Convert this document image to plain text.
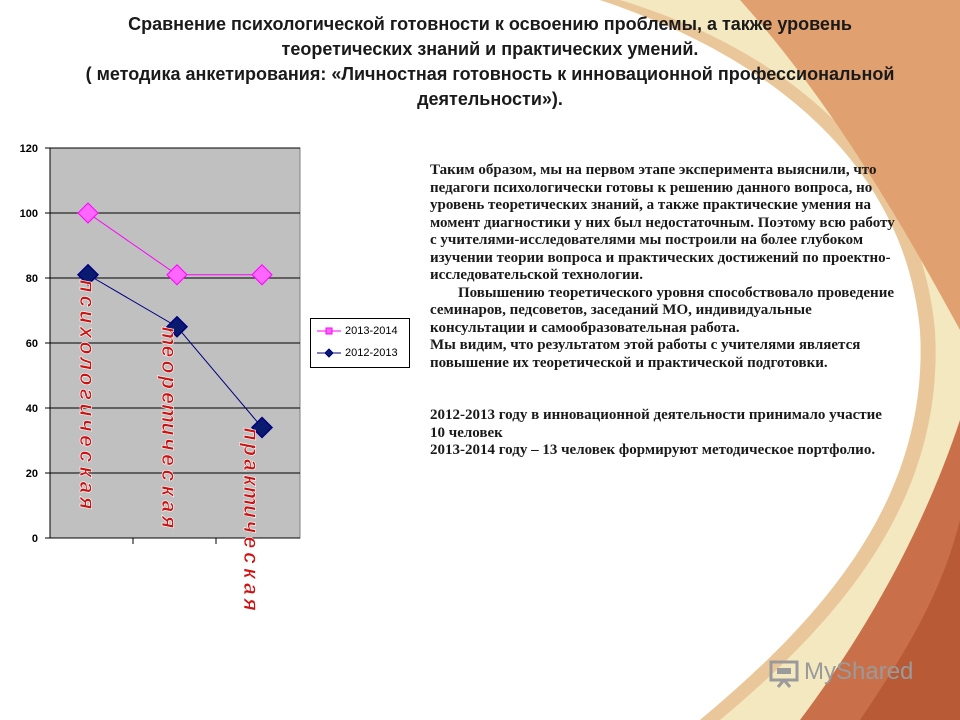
Сравнение психологической готовности к освоению проблемы, а также уровень
теоретических знаний и практических умений.
( методика анкетирования: «Личностная готовность к инновационной профессиональной
деятельности»).
0
20
40
60
80
100
120
п
с
и
х
о
л
о
г
и
ч
е
с
к
а
я
т
е
о
р
е
т
и
ч
е
с
к
а
я
п
р
а
к
т
и
ч
е
с
к
а
я
2013-2014
2012-2013

Таким образом, мы на первом этапе эксперимента выяснили, что педагоги психологически готовы к решению данного вопроса, но уровень теоретических знаний, а также практические умения на момент диагностики у них был недостаточным. Поэтому всю работу с учителями-исследователями мы построили на более глубоком изучении теории вопроса и практических достижений по проектно-исследовательской технологии.

Повышению теоретического уровня способствовало проведение семинаров, педсоветов, заседаний МО, индивидуальные консультации и самообразовательная работа.

Мы видим, что результатом этой работы с учителями является повышение их теоретической и практической подготовки.

2012-2013 году в инновационной деятельности принимало участие 10 человек

2013-2014 году – 13 человек формируют методическое портфолио.

MyShared
